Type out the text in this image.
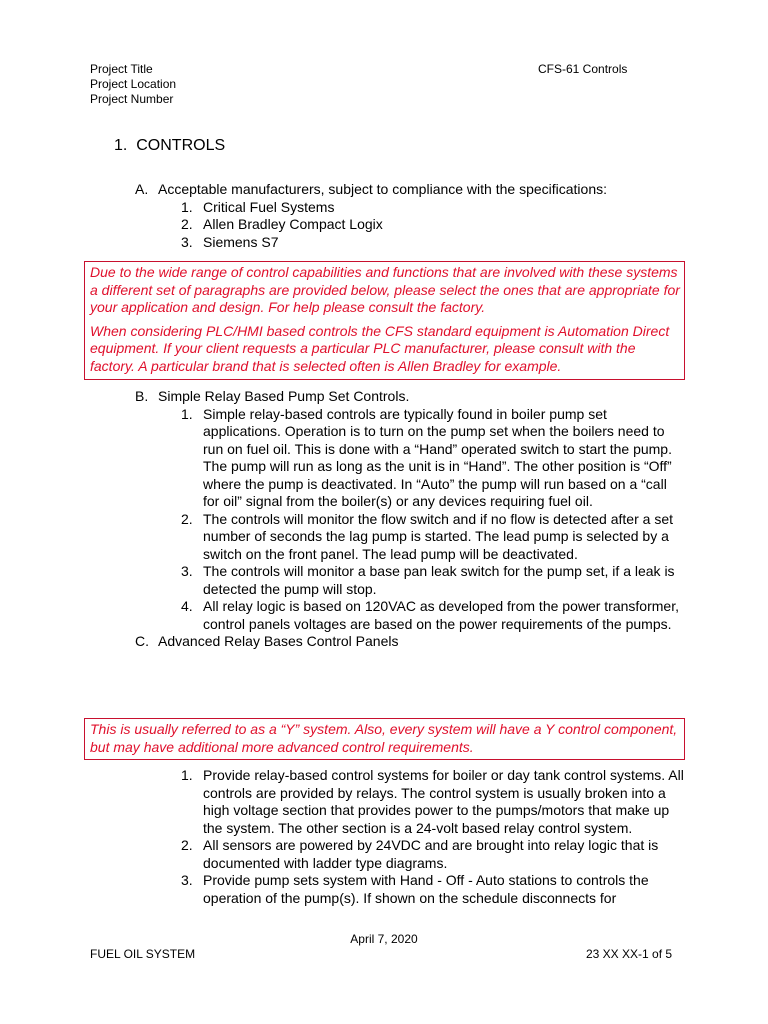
Project Title
Project Location
Project Number
CFS-61 Controls
1. CONTROLS
A. Acceptable manufacturers, subject to compliance with the specifications:
1. Critical Fuel Systems
2. Allen Bradley Compact Logix
3. Siemens S7

Due to the wide range of control capabilities and functions that are involved with these systems a different set of paragraphs are provided below, please select the ones that are appropriate for your application and design. For help please consult the factory.

When considering PLC/HMI based controls the CFS standard equipment is Automation Direct equipment. If your client requests a particular PLC manufacturer, please consult with the factory. A particular brand that is selected often is Allen Bradley for example.

B. Simple Relay Based Pump Set Controls.
1. Simple relay-based controls are typically found in boiler pump set applications. Operation is to turn on the pump set when the boilers need to run on fuel oil. This is done with a “Hand” operated switch to start the pump. The pump will run as long as the unit is in “Hand”. The other position is “Off” where the pump is deactivated. In “Auto” the pump will run based on a “call for oil” signal from the boiler(s) or any devices requiring fuel oil.
2. The controls will monitor the flow switch and if no flow is detected after a set number of seconds the lag pump is started. The lead pump is selected by a switch on the front panel. The lead pump will be deactivated.
3. The controls will monitor a base pan leak switch for the pump set, if a leak is detected the pump will stop.
4. All relay logic is based on 120VAC as developed from the power transformer, control panels voltages are based on the power requirements of the pumps.
C. Advanced Relay Bases Control Panels

This is usually referred to as a “Y” system. Also, every system will have a Y control component, but may have additional more advanced control requirements.

1. Provide relay-based control systems for boiler or day tank control systems. All controls are provided by relays. The control system is usually broken into a high voltage section that provides power to the pumps/motors that make up the system. The other section is a 24-volt based relay control system.
2. All sensors are powered by 24VDC and are brought into relay logic that is documented with ladder type diagrams.
3. Provide pump sets system with Hand - Off - Auto stations to controls the operation of the pump(s). If shown on the schedule disconnects for
April 7, 2020
FUEL OIL SYSTEM	23 XX XX-1 of 5
